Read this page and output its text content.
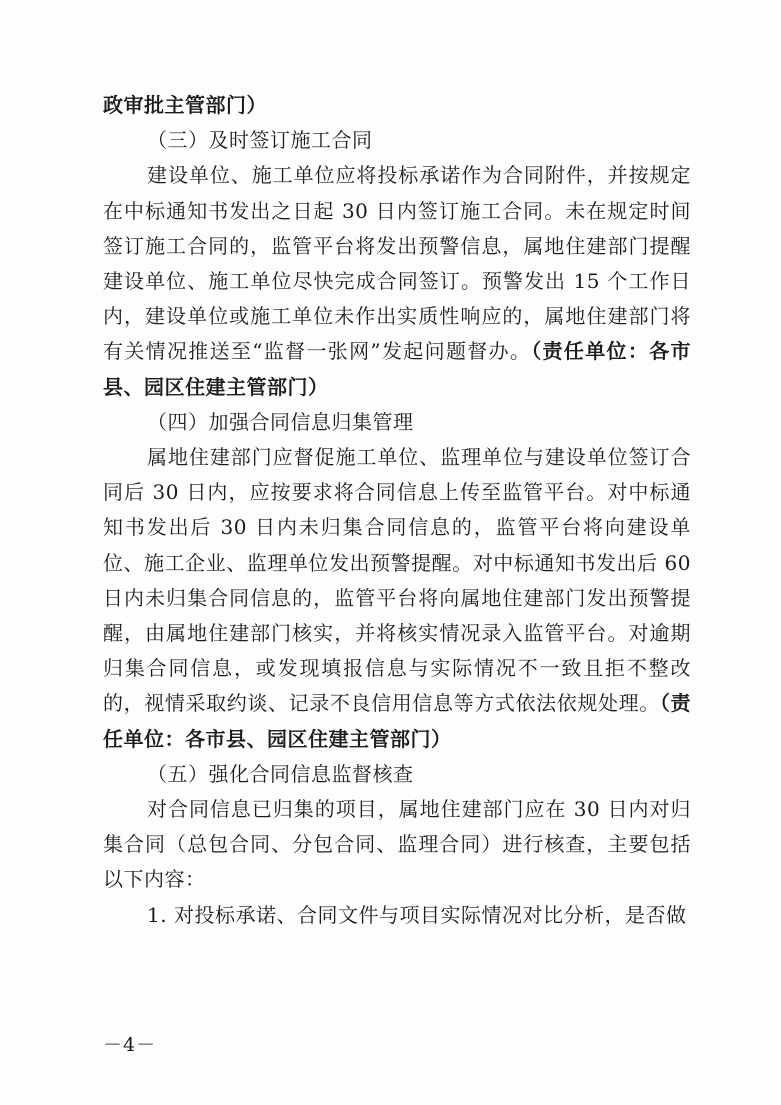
政审批主管部门）

（三）及时签订施工合同

建设单位、施工单位应将投标承诺作为合同附件，并按规定在中标通知书发出之日起 30 日内签订施工合同。未在规定时间签订施工合同的，监管平台将发出预警信息，属地住建部门提醒建设单位、施工单位尽快完成合同签订。预警发出 15 个工作日内，建设单位或施工单位未作出实质性响应的，属地住建部门将有关情况推送至“监督一张网”发起问题督办。（责任单位：各市县、园区住建主管部门）

（四）加强合同信息归集管理

属地住建部门应督促施工单位、监理单位与建设单位签订合同后 30 日内，应按要求将合同信息上传至监管平台。对中标通知书发出后 30 日内未归集合同信息的，监管平台将向建设单位、施工企业、监理单位发出预警提醒。对中标通知书发出后 60 日内未归集合同信息的，监管平台将向属地住建部门发出预警提醒，由属地住建部门核实，并将核实情况录入监管平台。对逾期归集合同信息，或发现填报信息与实际情况不一致且拒不整改的，视情采取约谈、记录不良信用信息等方式依法依规处理。（责任单位：各市县、园区住建主管部门）

（五）强化合同信息监督核查

对合同信息已归集的项目，属地住建部门应在 30 日内对归集合同（总包合同、分包合同、监理合同）进行核查，主要包括以下内容：

1. 对投标承诺、合同文件与项目实际情况对比分析，是否做

－4－
